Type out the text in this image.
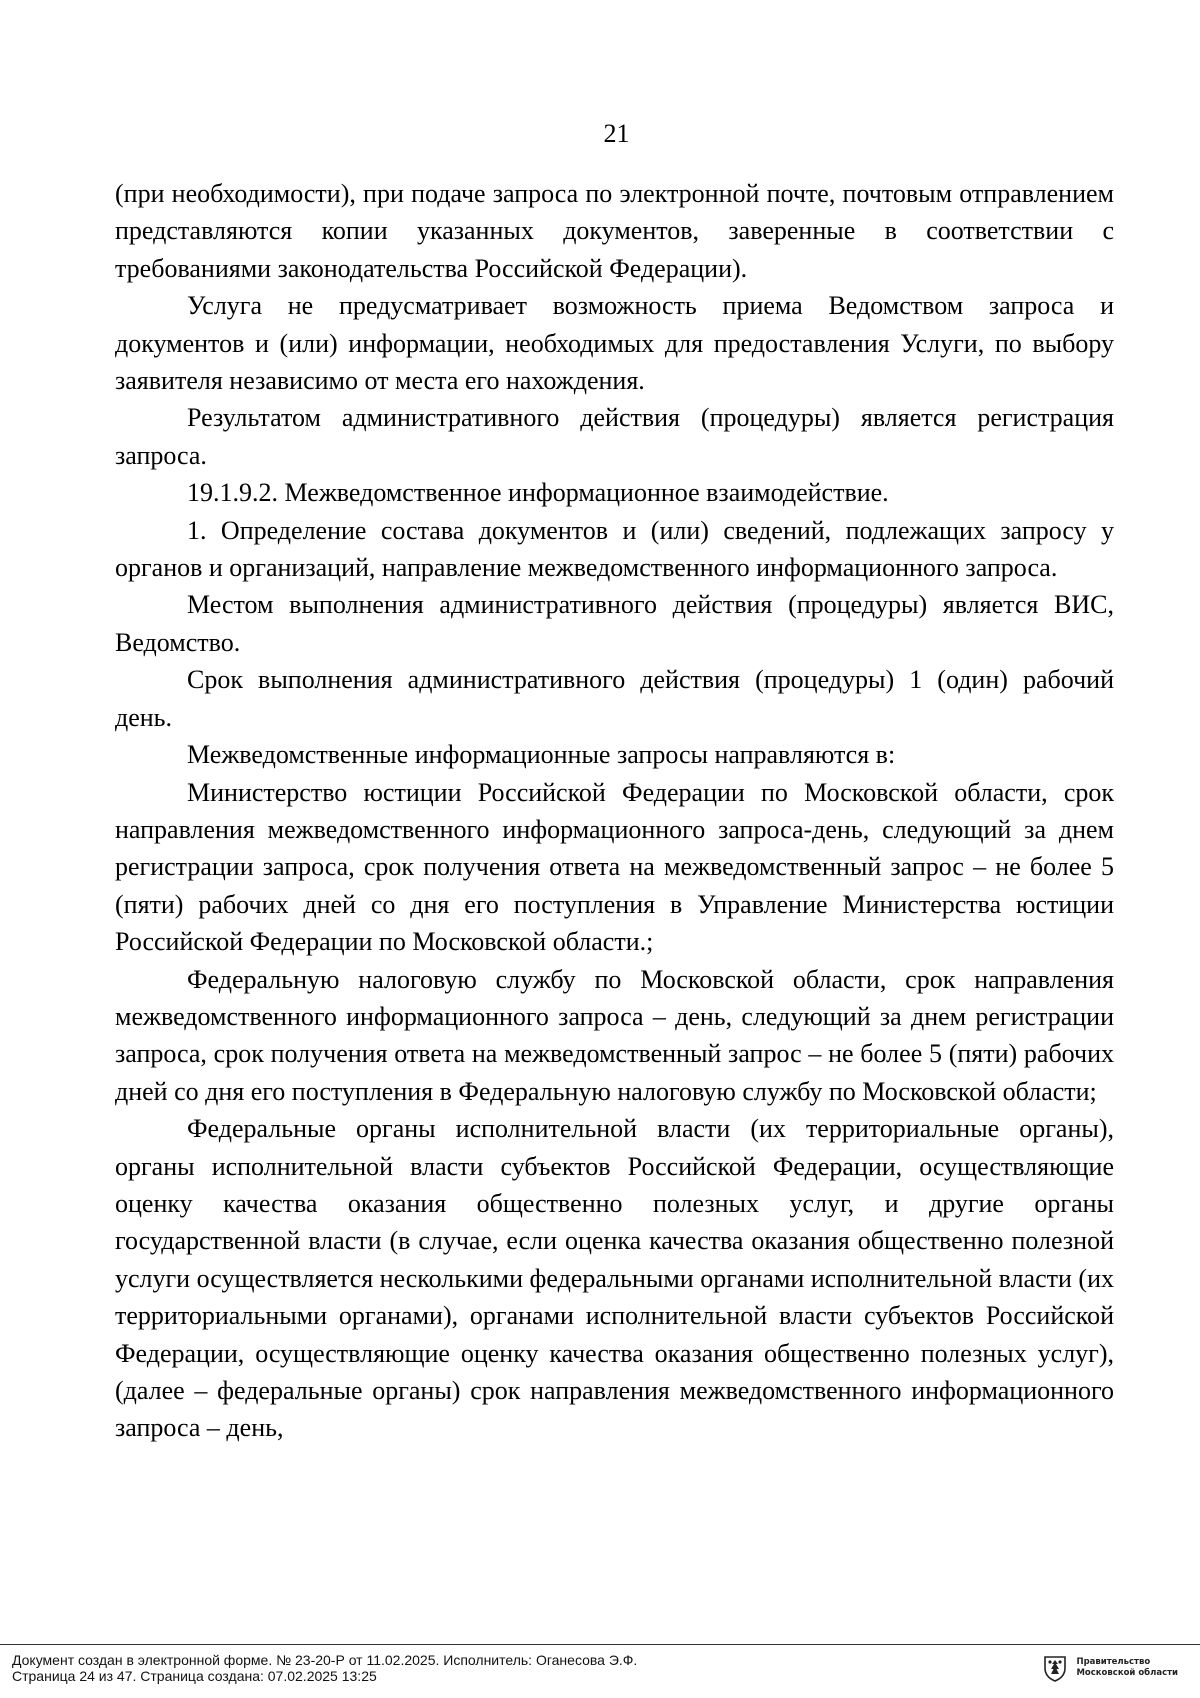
21

(при необходимости), при подаче запроса по электронной почте, почтовым отправлением представляются копии указанных документов, заверенные в соответствии с требованиями законодательства Российской Федерации).

Услуга не предусматривает возможность приема Ведомством запроса и документов и (или) информации, необходимых для предоставления Услуги, по выбору заявителя независимо от места его нахождения.

Результатом административного действия (процедуры) является регистрация запроса.

19.1.9.2. Межведомственное информационное взаимодействие.

1. Определение состава документов и (или) сведений, подлежащих запросу у органов и организаций, направление межведомственного информационного запроса.

Местом выполнения административного действия (процедуры) является ВИС, Ведомство.

Срок выполнения административного действия (процедуры) 1 (один) рабочий день.

Межведомственные информационные запросы направляются в:

Министерство юстиции Российской Федерации по Московской области, срок направления межведомственного информационного запроса-день, следующий за днем регистрации запроса, срок получения ответа на межведомственный запрос – не более 5 (пяти) рабочих дней со дня его поступления в Управление Министерства юстиции Российской Федерации по Московской области.;

Федеральную налоговую службу по Московской области, срок направления межведомственного информационного запроса – день, следующий за днем регистрации запроса, срок получения ответа на межведомственный запрос – не более 5 (пяти) рабочих дней со дня его поступления в Федеральную налоговую службу по Московской области;

Федеральные органы исполнительной власти (их территориальные органы), органы исполнительной власти субъектов Российской Федерации, осуществляющие оценку качества оказания общественно полезных услуг, и другие органы государственной власти (в случае, если оценка качества оказания общественно полезной услуги осуществляется несколькими федеральными органами исполнительной власти (их территориальными органами), органами исполнительной власти субъектов Российской Федерации, осуществляющие оценку качества оказания общественно полезных услуг), (далее – федеральные органы) срок направления межведомственного информационного запроса – день,

Документ создан в электронной форме. № 23-20-Р от 11.02.2025. Исполнитель: Оганесова Э.Ф.
Страница 24 из 47. Страница создана: 07.02.2025 13:25
Правительство
Московской области
